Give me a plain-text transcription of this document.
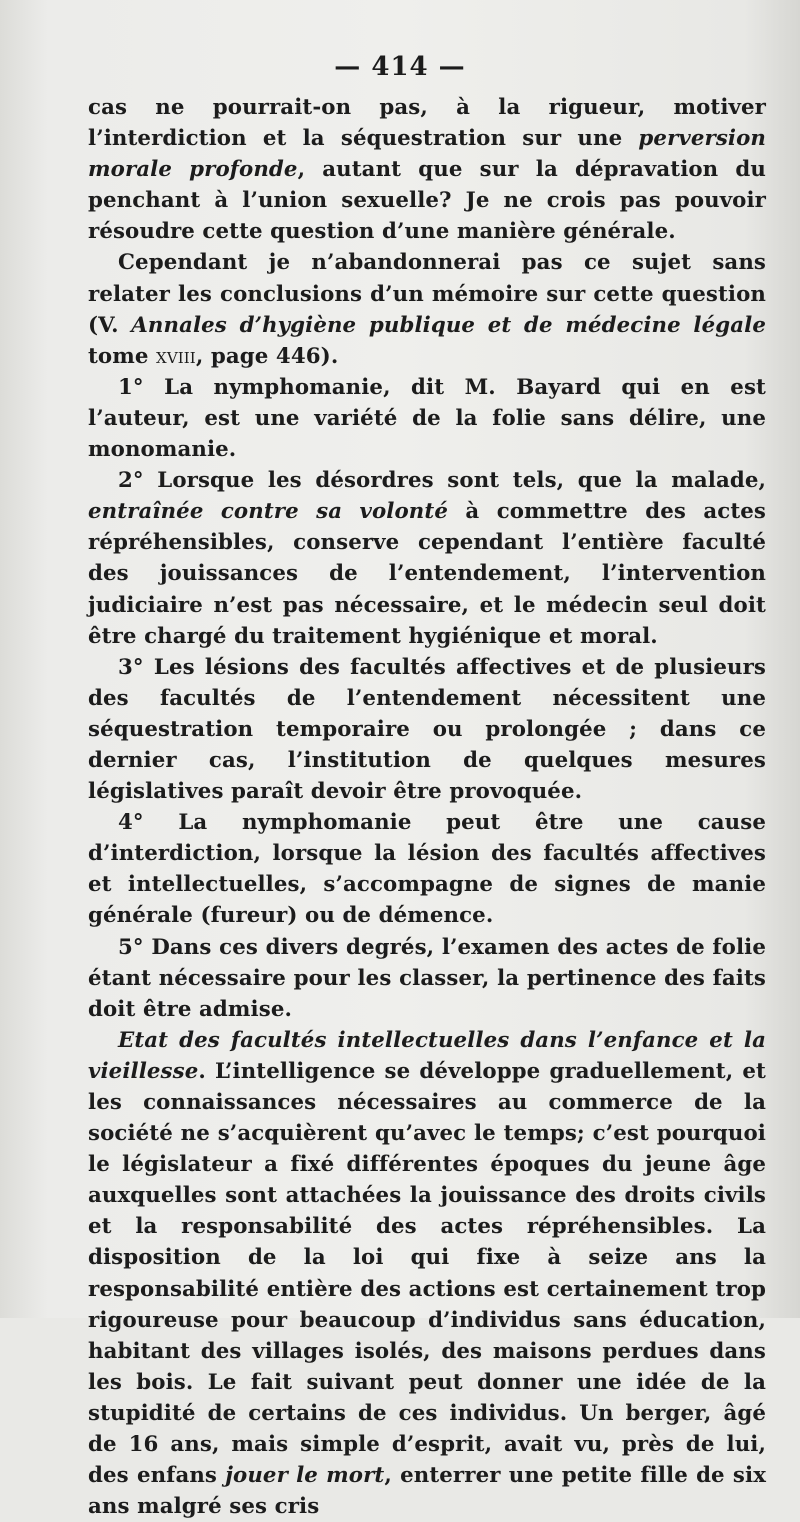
— 414 —

cas ne pourrait-on pas, à la rigueur, motiver l’interdiction et la séquestration sur une perversion morale profonde, autant que sur la dépravation du penchant à l’union sexuelle? Je ne crois pas pouvoir résoudre cette question d’une manière générale.

Cependant je n’abandonnerai pas ce sujet sans relater les conclusions d’un mémoire sur cette question (V. Annales d’hygiène publique et de médecine légale tome xviii, page 446).

1° La nymphomanie, dit M. Bayard qui en est l’auteur, est une variété de la folie sans délire, une monomanie.

2° Lorsque les désordres sont tels, que la malade, entraînée contre sa volonté à commettre des actes répréhensibles, conserve cependant l’entière faculté des jouissances de l’entendement, l’intervention judiciaire n’est pas nécessaire, et le médecin seul doit être chargé du traitement hygiénique et moral.

3° Les lésions des facultés affectives et de plusieurs des facultés de l’entendement nécessitent une séquestration temporaire ou prolongée ; dans ce dernier cas, l’institution de quelques mesures législatives paraît devoir être provoquée.

4° La nymphomanie peut être une cause d’interdiction, lorsque la lésion des facultés affectives et intellectuelles, s’accompagne de signes de manie générale (fureur) ou de démence.

5° Dans ces divers degrés, l’examen des actes de folie étant nécessaire pour les classer, la pertinence des faits doit être admise.

Etat des facultés intellectuelles dans l’enfance et la vieillesse. L’intelligence se développe graduellement, et les connaissances nécessaires au commerce de la société ne s’acquièrent qu’avec le temps; c’est pourquoi le législateur a fixé différentes époques du jeune âge auxquelles sont attachées la jouissance des droits civils et la responsabilité des actes répréhensibles. La disposition de la loi qui fixe à seize ans la responsabilité entière des actions est certainement trop rigoureuse pour beaucoup d’individus sans éducation, habitant des villages isolés, des maisons perdues dans les bois. Le fait suivant peut donner une idée de la stupidité de certains de ces individus. Un berger, âgé de 16 ans, mais simple d’esprit, avait vu, près de lui, des enfans jouer le mort, enterrer une petite fille de six ans malgré ses cris
